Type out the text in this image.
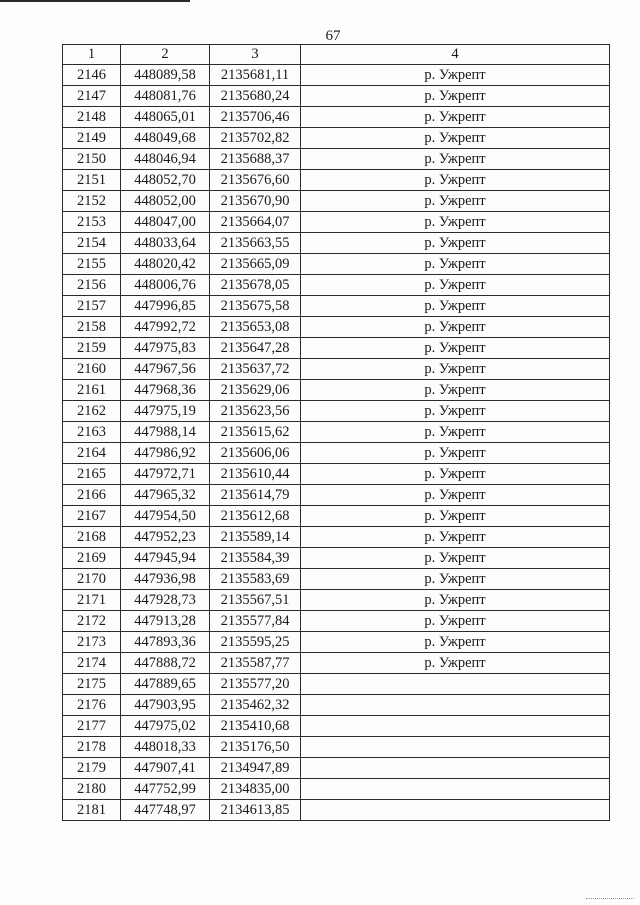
67
1	2	3	4
2146	448089,58	2135681,11	р. Ужрепт
2147	448081,76	2135680,24	р. Ужрепт
2148	448065,01	2135706,46	р. Ужрепт
2149	448049,68	2135702,82	р. Ужрепт
2150	448046,94	2135688,37	р. Ужрепт
2151	448052,70	2135676,60	р. Ужрепт
2152	448052,00	2135670,90	р. Ужрепт
2153	448047,00	2135664,07	р. Ужрепт
2154	448033,64	2135663,55	р. Ужрепт
2155	448020,42	2135665,09	р. Ужрепт
2156	448006,76	2135678,05	р. Ужрепт
2157	447996,85	2135675,58	р. Ужрепт
2158	447992,72	2135653,08	р. Ужрепт
2159	447975,83	2135647,28	р. Ужрепт
2160	447967,56	2135637,72	р. Ужрепт
2161	447968,36	2135629,06	р. Ужрепт
2162	447975,19	2135623,56	р. Ужрепт
2163	447988,14	2135615,62	р. Ужрепт
2164	447986,92	2135606,06	р. Ужрепт
2165	447972,71	2135610,44	р. Ужрепт
2166	447965,32	2135614,79	р. Ужрепт
2167	447954,50	2135612,68	р. Ужрепт
2168	447952,23	2135589,14	р. Ужрепт
2169	447945,94	2135584,39	р. Ужрепт
2170	447936,98	2135583,69	р. Ужрепт
2171	447928,73	2135567,51	р. Ужрепт
2172	447913,28	2135577,84	р. Ужрепт
2173	447893,36	2135595,25	р. Ужрепт
2174	447888,72	2135587,77	р. Ужрепт
2175	447889,65	2135577,20	
2176	447903,95	2135462,32	
2177	447975,02	2135410,68	
2178	448018,33	2135176,50	
2179	447907,41	2134947,89	
2180	447752,99	2134835,00	
2181	447748,97	2134613,85	
